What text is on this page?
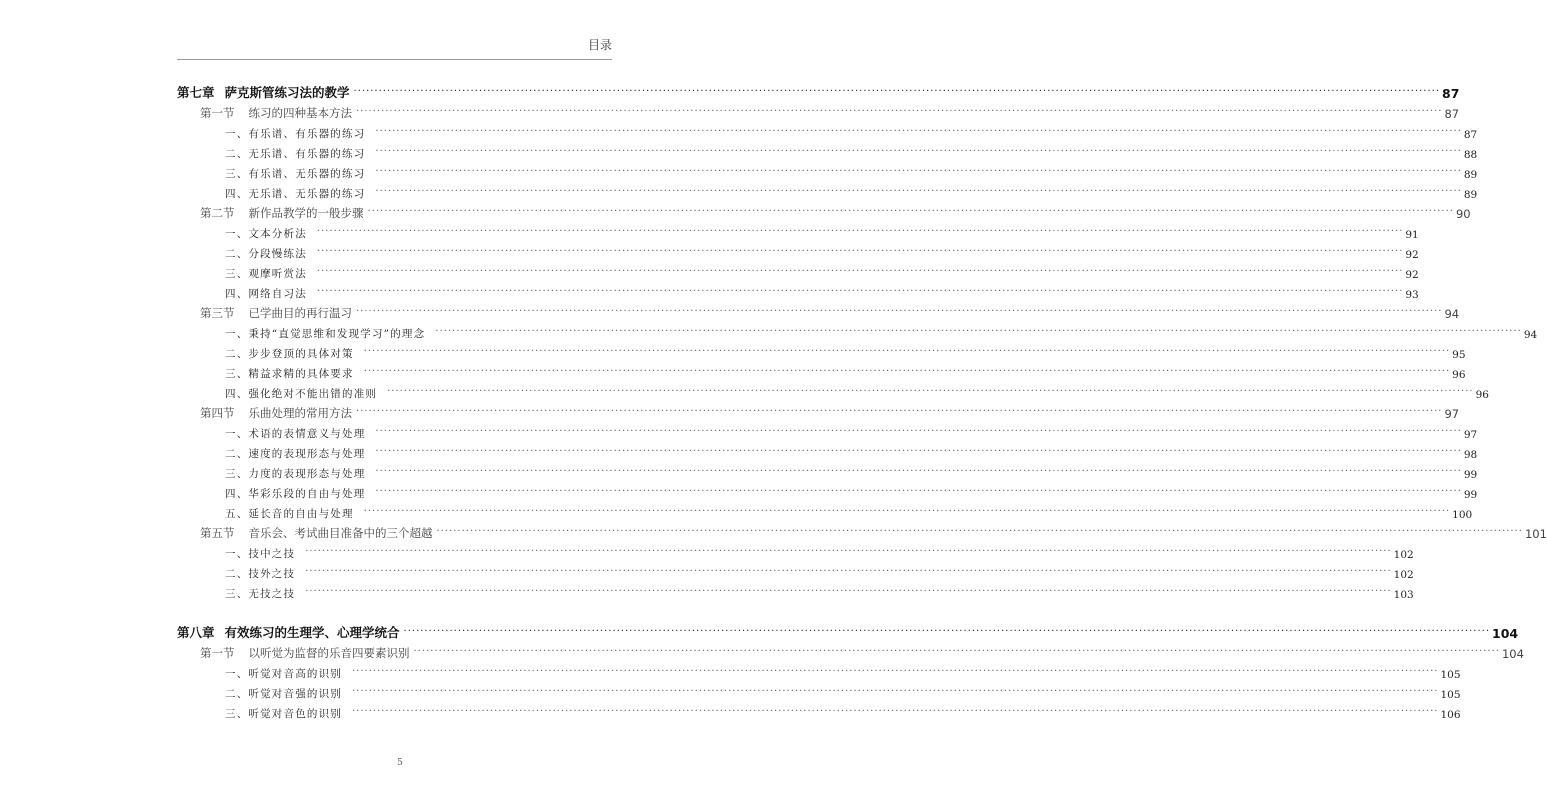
目录
第七章 萨克斯管练习法的教学 ···································································································································································································································································· 87
第一节 练习的四种基本方法 ···································································································································································································································································· 87
一、有乐谱、有乐器的练习 ···································································································································································································································································· 87
二、无乐谱、有乐器的练习 ···································································································································································································································································· 88
三、有乐谱、无乐器的练习 ···································································································································································································································································· 89
四、无乐谱、无乐器的练习 ···································································································································································································································································· 89
第二节 新作品教学的一般步骤 ···································································································································································································································································· 90
一、文本分析法 ···································································································································································································································································· 91
二、分段慢练法 ···································································································································································································································································· 92
三、观摩听赏法 ···································································································································································································································································· 92
四、网络自习法 ···································································································································································································································································· 93
第三节 已学曲目的再行温习 ···································································································································································································································································· 94
一、秉持“直觉思维和发现学习”的理念 ···································································································································································································································································· 94
二、步步登顶的具体对策 ···································································································································································································································································· 95
三、精益求精的具体要求 ···································································································································································································································································· 96
四、强化绝对不能出错的准则 ···································································································································································································································································· 96
第四节 乐曲处理的常用方法 ···································································································································································································································································· 97
一、术语的表情意义与处理 ···································································································································································································································································· 97
二、速度的表现形态与处理 ···································································································································································································································································· 98
三、力度的表现形态与处理 ···································································································································································································································································· 99
四、华彩乐段的自由与处理 ···································································································································································································································································· 99
五、延长音的自由与处理 ···································································································································································································································································· 100
第五节 音乐会、考试曲目准备中的三个超越 ···································································································································································································································································· 101
一、技中之技 ···································································································································································································································································· 102
二、技外之技 ···································································································································································································································································· 102
三、无技之技 ···································································································································································································································································· 103
第八章 有效练习的生理学、心理学统合 ···································································································································································································································································· 104
第一节 以听觉为监督的乐音四要素识别 ···································································································································································································································································· 104
一、听觉对音高的识别 ···································································································································································································································································· 105
二、听觉对音强的识别 ···································································································································································································································································· 105
三、听觉对音色的识别 ···································································································································································································································································· 106
5
